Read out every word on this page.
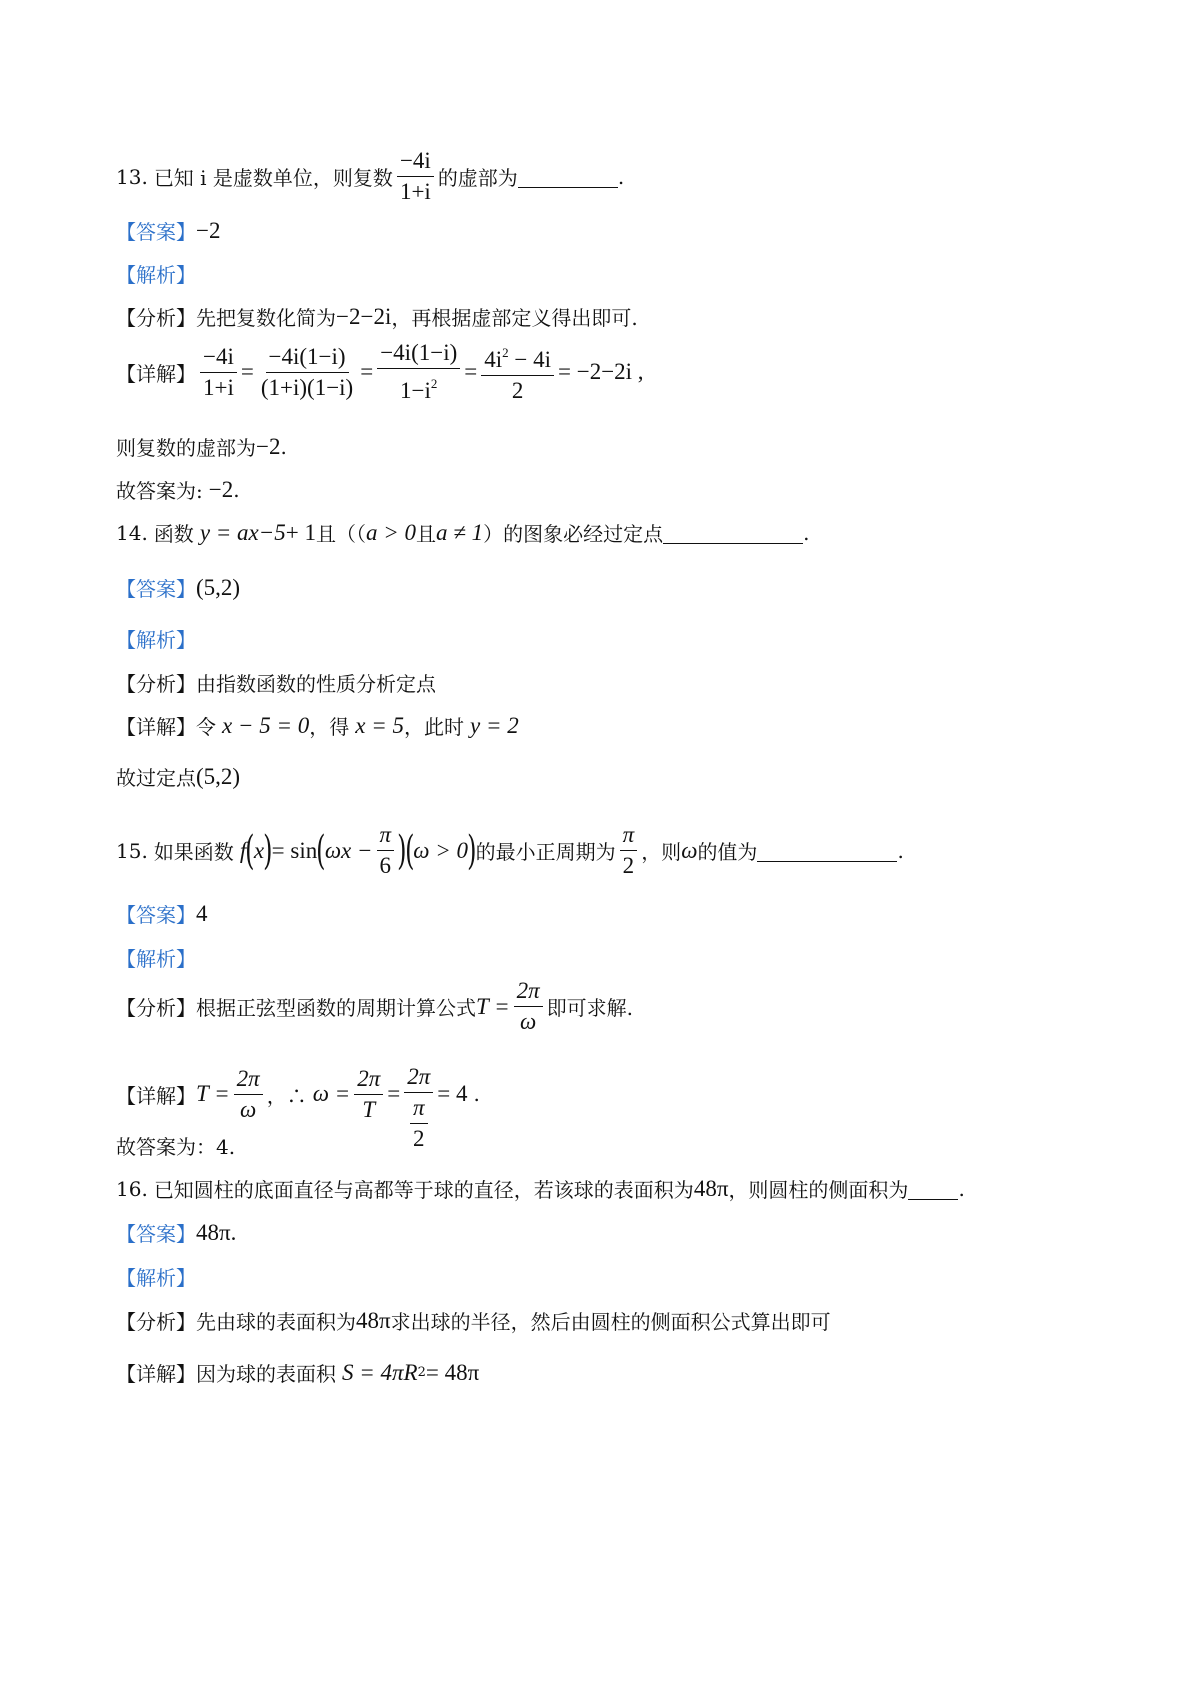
13. 已知 i 是虚数单位，则复数 $\frac{-4i}{1+i}$ 的虚部为	.
【答案】 −2
【解析】
【分析】 先把复数化简为 −2−2i ，再根据虚部定义得出即可.
【详解】 $\frac{-4i}{1+i} = \frac{-4i(1-i)}{(1+i)(1-i)} = \frac{-4i(1-i)}{1-i^2} = \frac{4i^2 - 4i}{2} = -2-2i$ ,
则复数的虚部为 −2 .
故答案为: −2 .
14. 函数 y = a x−5 + 1 且（（ a > 0 且 a ≠ 1 ）的图象必经过定点	.
【答案】 (5,2)
【解析】
【分析】 由指数函数的性质分析定点
【详解】 令 x − 5 = 0 ，得 x = 5 ，此时 y = 2
故过定点 (5,2)
15. 如果函数 f ( x ) = sin ( $\omega x - \frac{\pi}{6}$ )
( ω > 0 ) 的最小正周期为 $\frac{\pi}{2}$ ，则 ω 的值为	.
【答案】 4
【解析】
【分析】 根据正弦型函数的周期计算公式 $T = \frac{2\pi}{\omega}$ 即可求解.
【详解】 $T = \frac{2\pi}{\omega}$ ，∴ $\omega = \frac{2\pi}{T} = \frac{2\pi}{\frac{\pi}{2}} = 4$ .
故答案为：4.
16. 已知圆柱的底面直径与高都等于球的直径，若该球的表面积为 48π ，则圆柱的侧面积为	.
【答案】 48π.
【解析】
【分析】 先由球的表面积为 48π 求出球的半径，然后由圆柱的侧面积公式算出即可
【详解】 因为球的表面积 S = 4πR 2 = 48π
